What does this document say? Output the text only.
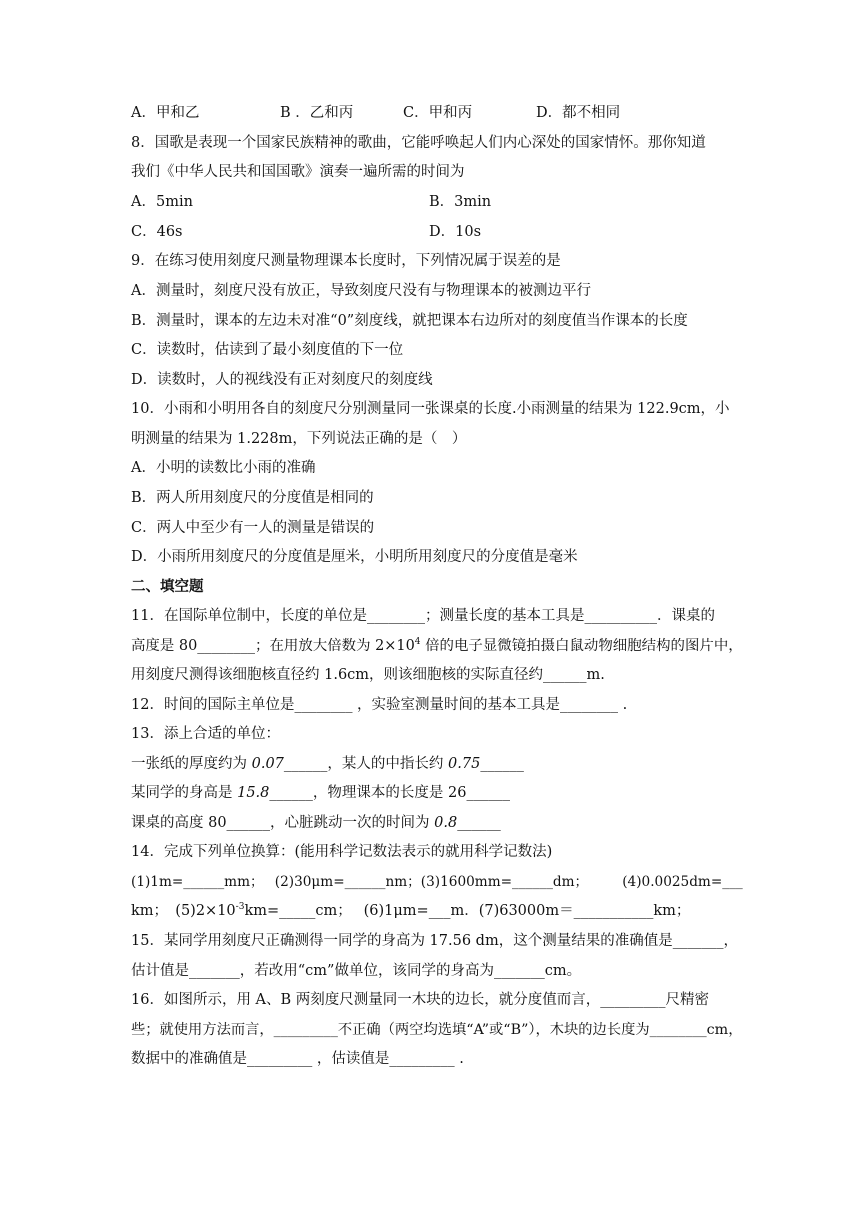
A．甲和乙	B ．乙和丙	C．甲和丙	D．都不相同
8．国歌是表现一个国家民族精神的歌曲，它能呼唤起人们内心深处的国家情怀。那你知道
我们《中华人民共和国国歌》演奏一遍所需的时间为
A．5min	B．3min
C．46s	D．10s
9．在练习使用刻度尺测量物理课本长度时，下列情况属于误差的是
A．测量时，刻度尺没有放正，导致刻度尺没有与物理课本的被测边平行
B．测量时，课本的左边未对准“0”刻度线，就把课本右边所对的刻度值当作课本的长度
C．读数时，估读到了最小刻度值的下一位
D．读数时，人的视线没有正对刻度尺的刻度线
10．小雨和小明用各自的刻度尺分别测量同一张课桌的长度.小雨测量的结果为 122.9cm，小
明测量的结果为 1.228m，下列说法正确的是（　）
A．小明的读数比小雨的准确
B．两人所用刻度尺的分度值是相同的
C．两人中至少有一人的测量是错误的
D．小雨所用刻度尺的分度值是厘米，小明所用刻度尺的分度值是毫米
二、填空题
11．在国际单位制中，长度的单位是________；测量长度的基本工具是__________．课桌的
高度是 80________；在用放大倍数为 $2\times 10^4$ 倍的电子显微镜拍摄白鼠动物细胞结构的图片中，
用刻度尺测得该细胞核直径约 1.6cm，则该细胞核的实际直径约______m.
12．时间的国际主单位是________ ，实验室测量时间的基本工具是________ .
13．添上合适的单位：
一张纸的厚度约为 0.07______，某人的中指长约 0.75______
某同学的身高是 15.8______，物理课本的长度是 26______
课桌的高度 80______，心脏跳动一次的时间为 0.8______
14．完成下列单位换算：(能用科学记数法表示的就用科学记数法)
(1)1m=______mm；　 (2)30μm=______nm；(3)1600mm=______dm；　　　(4)0.0025dm=___
km；　$(5)2\times 10^{-3}km=\_\_\_\_\_cm$；　 (6)1μm=___m．(7)63000m＝___________km；
15．某同学用刻度尺正确测得一同学的身高为 17.56 dm，这个测量结果的准确值是_______，
估计值是_______，若改用“cm”做单位，该同学的身高为_______cm。
16．如图所示，用 A、B 两刻度尺测量同一木块的边长，就分度值而言，_________尺精密
些；就使用方法而言，_________不正确（两空均选填“A”或“B”），木块的边长度为________cm，
数据中的准确值是_________ ，估读值是_________ .
